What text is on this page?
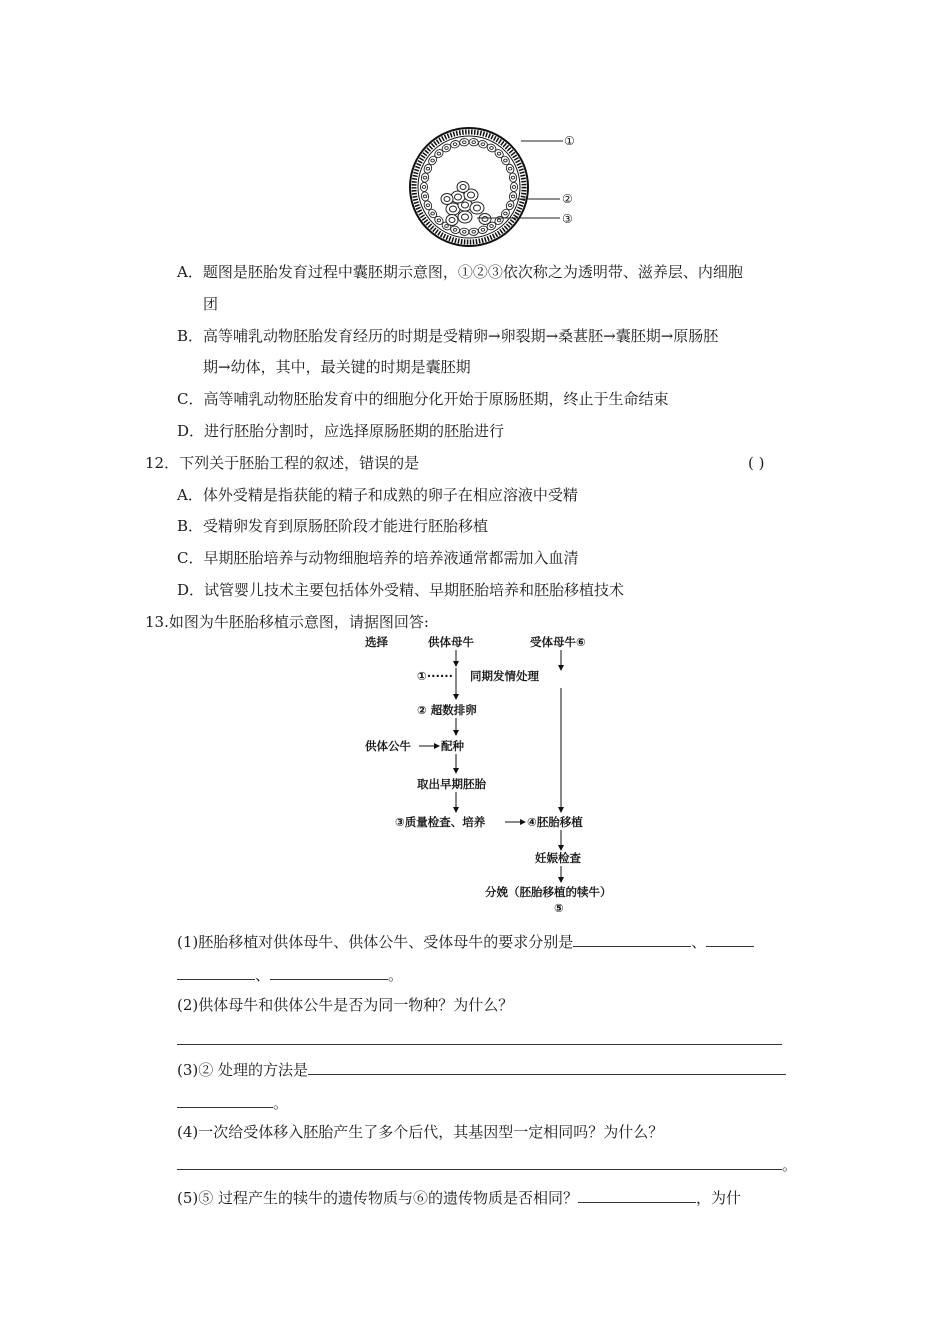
①
②
③
A．题图是胚胎发育过程中囊胚期示意图，①②③依次称之为透明带、滋养层、内细胞
团
B．高等哺乳动物胚胎发育经历的时期是受精卵→卵裂期→桑葚胚→囊胚期→原肠胚
期→幼体，其中，最关键的时期是囊胚期
C．高等哺乳动物胚胎发育中的细胞分化开始于原肠胚期，终止于生命结束
D．进行胚胎分割时，应选择原肠胚期的胚胎进行
12．下列关于胚胎工程的叙述，错误的是	( )
A．体外受精是指获能的精子和成熟的卵子在相应溶液中受精
B．受精卵发育到原肠胚阶段才能进行胚胎移植
C．早期胚胎培养与动物细胞培养的培养液通常都需加入血清
D．试管婴儿技术主要包括体外受精、早期胚胎培养和胚胎移植技术
13.如图为牛胚胎移植示意图，请据图回答:
选择	供体母牛	受体母牛⑥
①······ 同期发情处理
② 超数排卵
供体公牛	配种
取出早期胚胎
③质量检查、培养	④胚胎移植
妊娠检查
分娩（胚胎移植的犊牛）
⑤
(1)胚胎移植对供体母牛、供体公牛、受体母牛的要求分别是	、
、	。
(2)供体母牛和供体公牛是否为同一物种？为什么？
(3)② 处理的方法是
。
(4)一次给受体移入胚胎产生了多个后代，其基因型一定相同吗？为什么？
。
(5)⑤ 过程产生的犊牛的遗传物质与⑥的遗传物质是否相同？	，为什
